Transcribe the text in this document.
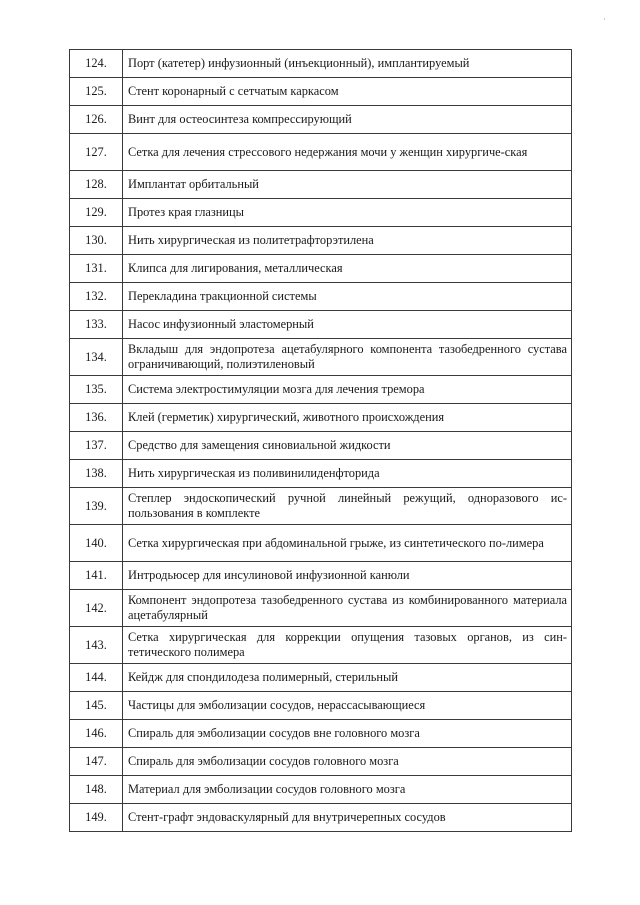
·
124.	Порт (катетер) инфузионный (инъекционный), имплантируемый
125.	Стент коронарный с сетчатым каркасом
126.	Винт для остеосинтеза компрессирующий
127.	Сетка для лечения стрессового недержания мочи у женщин хирургиче-ская
128.	Имплантат орбитальный
129.	Протез края глазницы
130.	Нить хирургическая из политетрафторэтилена
131.	Клипса для лигирования, металлическая
132.	Перекладина тракционной системы
133.	Насос инфузионный эластомерный
134.	Вкладыш для эндопротеза ацетабулярного компонента тазобедренного сустава ограничивающий, полиэтиленовый
135.	Система электростимуляции мозга для лечения тремора
136.	Клей (герметик) хирургический, животного происхождения
137.	Средство для замещения синовиальной жидкости
138.	Нить хирургическая из поливинилиденфторида
139.	Степлер эндоскопический ручной линейный режущий, одноразового ис-пользования в комплекте
140.	Сетка хирургическая при абдоминальной грыже, из синтетического по-лимера
141.	Интродьюсер для инсулиновой инфузионной канюли
142.	Компонент эндопротеза тазобедренного сустава из комбинированного материала ацетабулярный
143.	Сетка хирургическая для коррекции опущения тазовых органов, из син-тетического полимера
144.	Кейдж для спондилодеза полимерный, стерильный
145.	Частицы для эмболизации сосудов, нерассасывающиеся
146.	Спираль для эмболизации сосудов вне головного мозга
147.	Спираль для эмболизации сосудов головного мозга
148.	Материал для эмболизации сосудов головного мозга
149.	Стент-графт эндоваскулярный для внутричерепных сосудов
